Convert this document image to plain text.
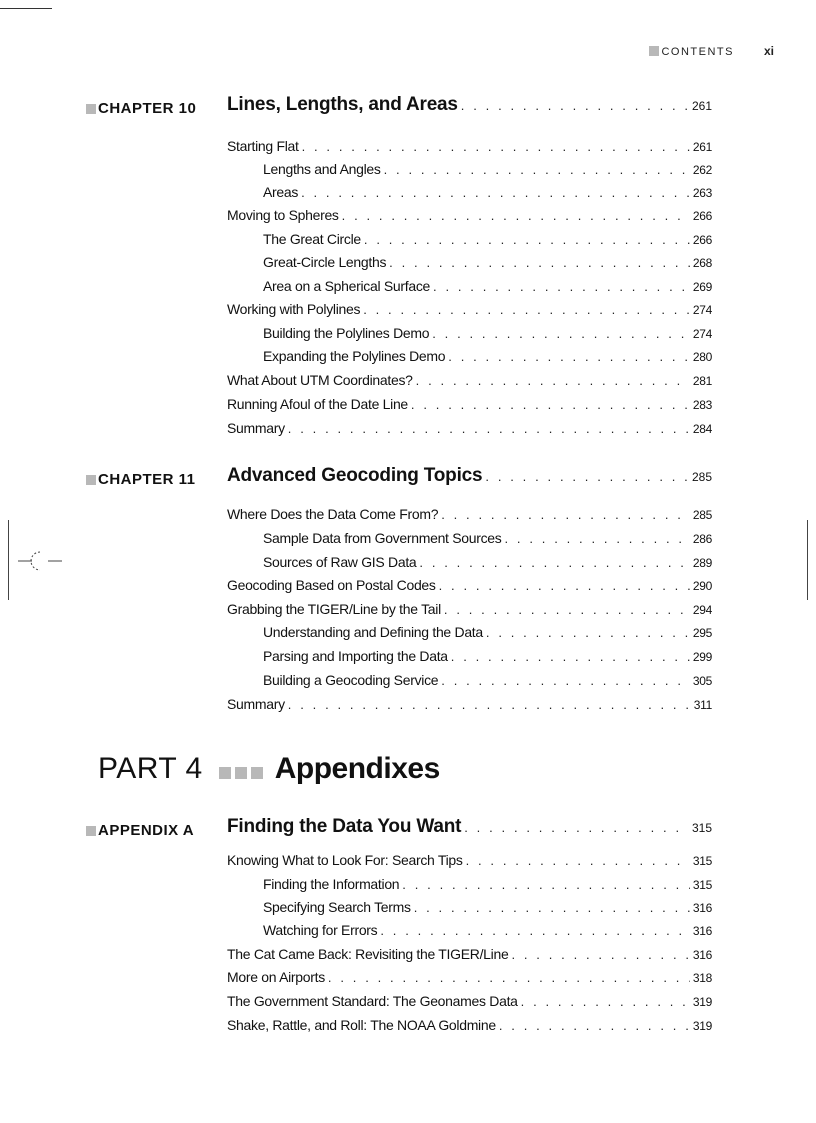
CONTENTS	xi
CHAPTER 10 Lines, Lengths, and Areas . . .	261
Starting Flat . . .	261
Lengths and Angles . . .	262
Areas . . .	263
Moving to Spheres . . .	266
The Great Circle . . .	266
Great-Circle Lengths . . .	268
Area on a Spherical Surface . . .	269
Working with Polylines . . .	274
Building the Polylines Demo . . .	274
Expanding the Polylines Demo . . .	280
What About UTM Coordinates? . . .	281
Running Afoul of the Date Line . . .	283
Summary . . .	284
CHAPTER 11 Advanced Geocoding Topics . . .	285
Where Does the Data Come From? . . .	285
Sample Data from Government Sources . . .	286
Sources of Raw GIS Data . . .	289
Geocoding Based on Postal Codes . . .	290
Grabbing the TIGER/Line by the Tail . . .	294
Understanding and Defining the Data . . .	295
Parsing and Importing the Data . . .	299
Building a Geocoding Service . . .	305
Summary . . .	311
PART 4 Appendixes
APPENDIX A Finding the Data You Want . . .	315
Knowing What to Look For: Search Tips . . .	315
Finding the Information . . .	315
Specifying Search Terms . . .	316
Watching for Errors . . .	316
The Cat Came Back: Revisiting the TIGER/Line . . .	316
More on Airports . . .	318
The Government Standard: The Geonames Data . . .	319
Shake, Rattle, and Roll: The NOAA Goldmine . . .	319
